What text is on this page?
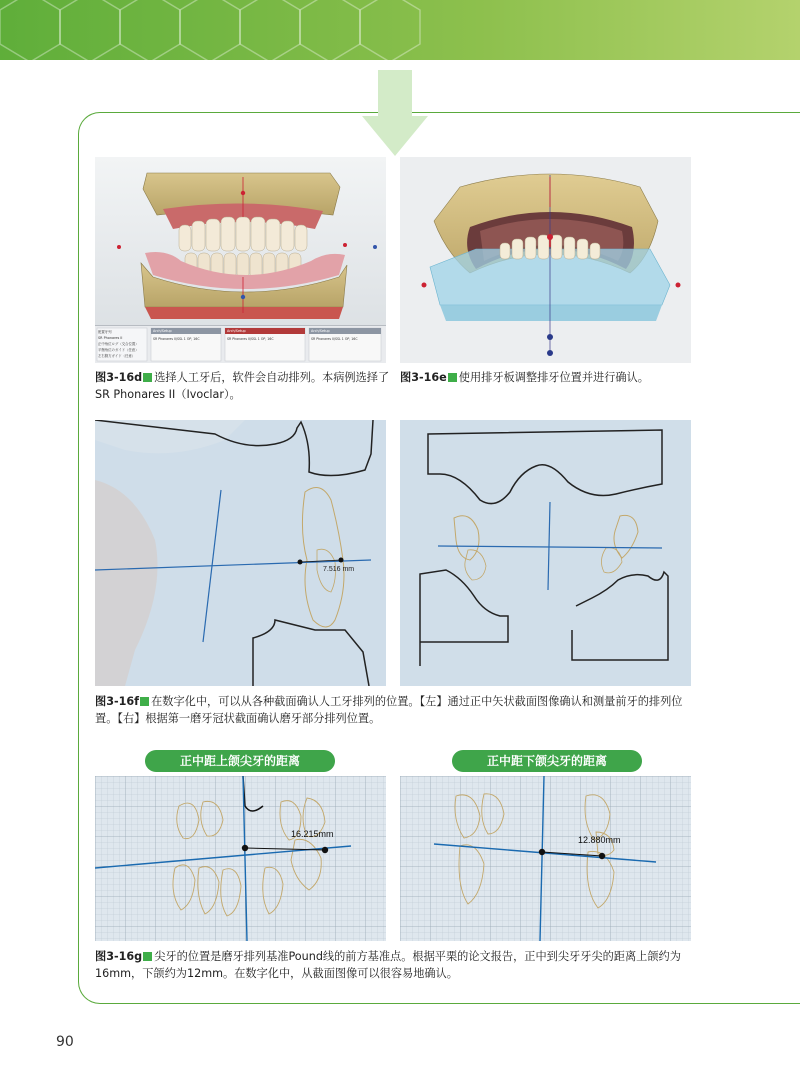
配置牙列
SR Phonares II
正中殆位ログ（交合位置）
平衡殆位のガイド（任意）
左右側方ガイド（任意）
Arch/Setup
SR Phonares II/SSL 1 OP, 16C
Arch/Setup
SR Phonares II/SSL 1 OP, 16C
Arch/Setup
SR Phonares II/SSL 1 OP, 16C
图3-16d 选择人工牙后，软件会自动排列。本病例选择了SR Phonares II（Ivoclar）。
图3-16e 使用排牙板调整排牙位置并进行确认。
7.516 mm
图3-16f 在数字化中，可以从各种截面确认人工牙排列的位置。【左】通过正中矢状截面图像确认和测量前牙的排列位置。【右】根据第一磨牙冠状截面确认磨牙部分排列位置。
正中距上颌尖牙的距离	正中距下颌尖牙的距离
16.215mm
12.880mm
图3-16g 尖牙的位置是磨牙排列基准Pound线的前方基准点。根据平栗的论文报告，正中到尖牙牙尖的距离上颌约为16mm，下颌约为12mm。在数字化中，从截面图像可以很容易地确认。
90
